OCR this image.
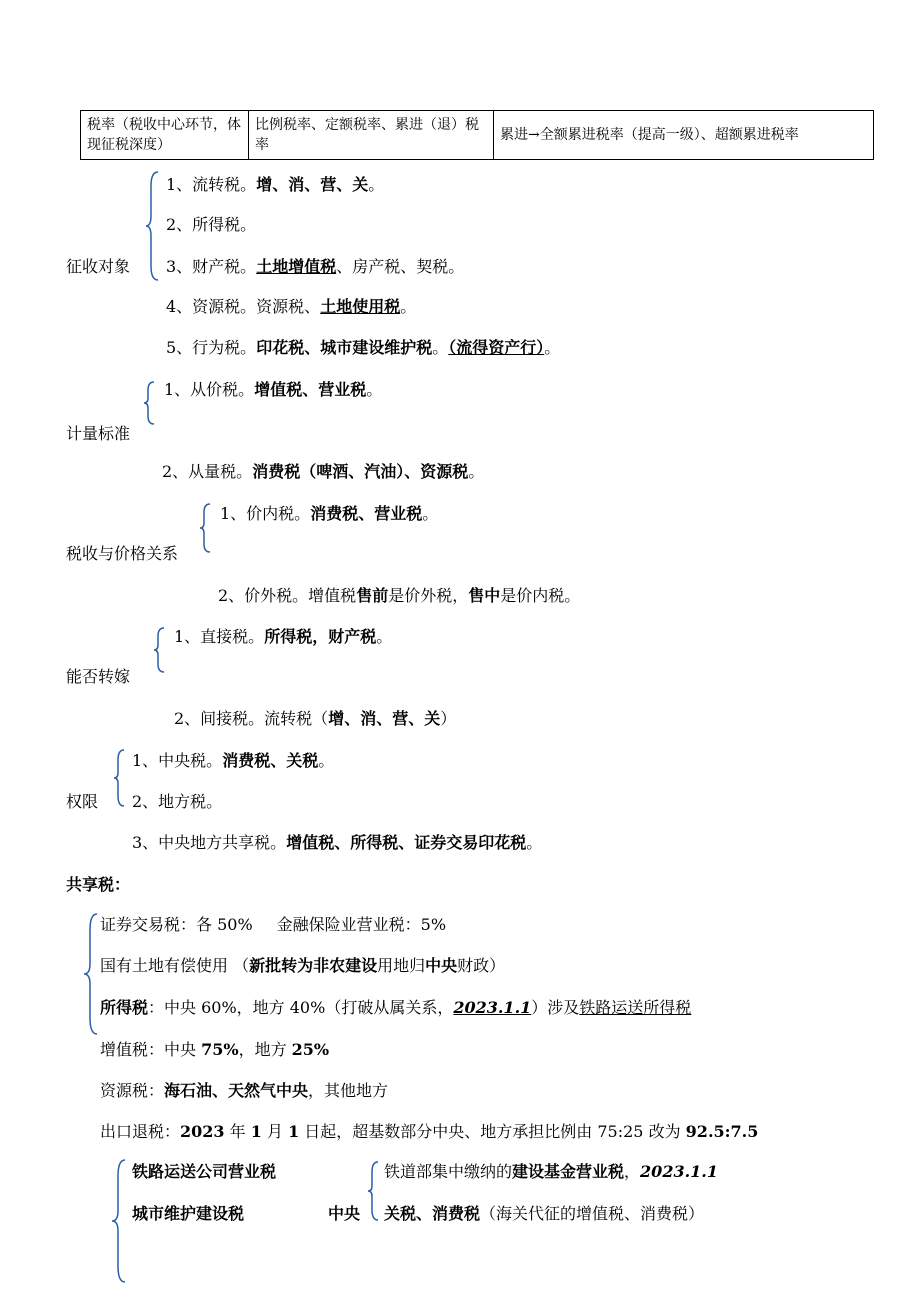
税率（税收中心环节，体现征税深度）	比例税率、定额税率、累进（退）税率	累进→全额累进税率（提高一级）、超额累进税率
征收对象
1、流转税。增、消、营、关。
2、所得税。
3、财产税。土地增值税、房产税、契税。
4、资源税。资源税、土地使用税。
5、行为税。印花税、城市建设维护税。（流得资产行）。
计量标准
1、从价税。增值税、营业税。
2、从量税。消费税（啤酒、汽油）、资源税。
税收与价格关系
1、价内税。消费税、营业税。
2、价外税。增值税售前是价外税，售中是价内税。
能否转嫁
1、直接税。所得税，财产税。
2、间接税。流转税（增、消、营、关）
权限
1、中央税。消费税、关税。
2、地方税。
3、中央地方共享税。增值税、所得税、证券交易印花税。
共享税：
证券交易税：各 50% 金融保险业营业税：5%
国有土地有偿使用 （新批转为非农建设用地归中央财政）
所得税：中央 60%，地方 40%（打破从属关系，2023.1.1）涉及铁路运送所得税
增值税：中央 75%，地方 25%
资源税：海石油、天然气中央，其他地方
出口退税：2023 年 1 月 1 日起，超基数部分中央、地方承担比例由 75:25 改为 92.5:7.5
铁路运送公司营业税
城市维护建设税	中央
铁道部集中缴纳的建设基金营业税，2023.1.1
关税、消费税（海关代征的增值税、消费税）
